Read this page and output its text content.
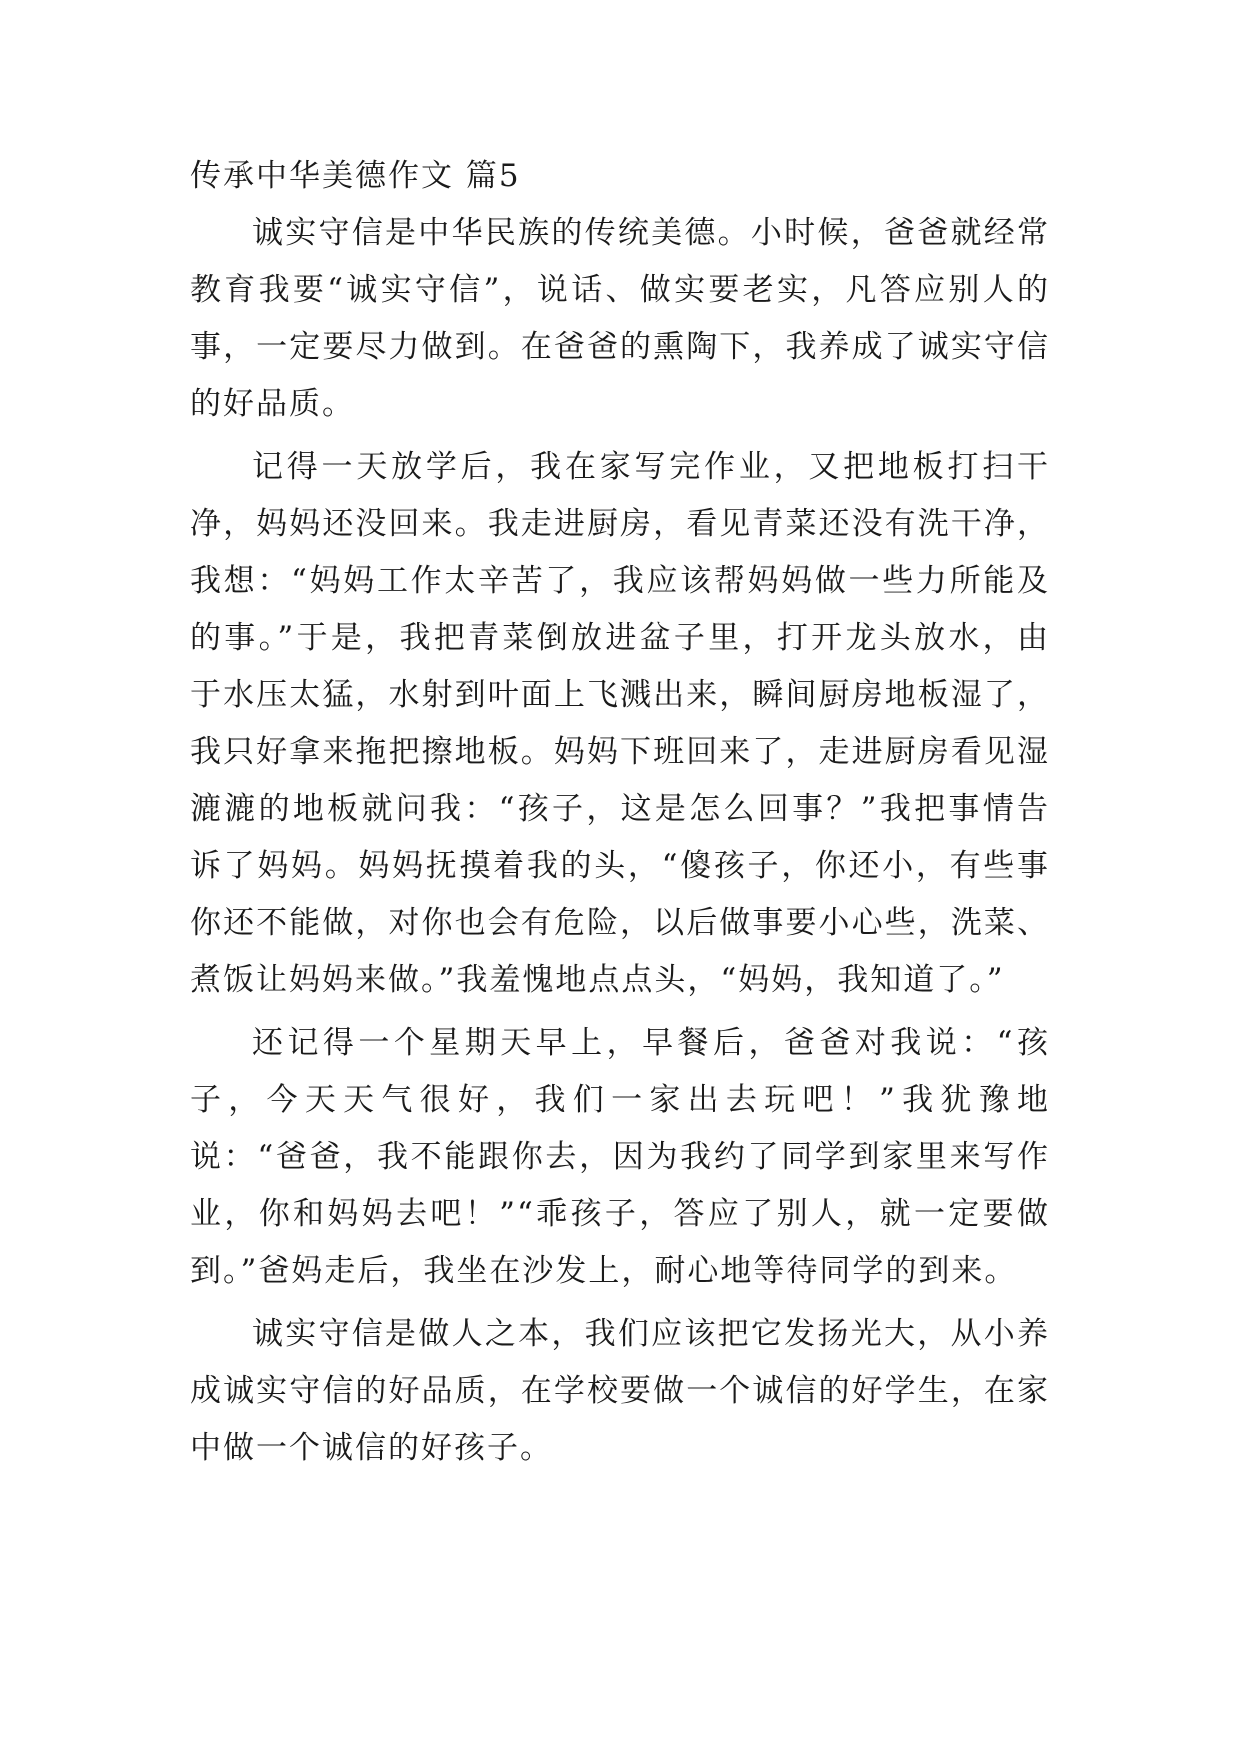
传承中华美德作文 篇5

诚实守信是中华民族的传统美德。小时候，爸爸就经常教育我要“诚实守信”，说话、做实要老实，凡答应别人的事，一定要尽力做到。在爸爸的熏陶下，我养成了诚实守信的好品质。

记得一天放学后，我在家写完作业，又把地板打扫干净，妈妈还没回来。我走进厨房，看见青菜还没有洗干净，我想：“妈妈工作太辛苦了，我应该帮妈妈做一些力所能及的事。”于是，我把青菜倒放进盆子里，打开龙头放水，由于水压太猛，水射到叶面上飞溅出来，瞬间厨房地板湿了，我只好拿来拖把擦地板。妈妈下班回来了，走进厨房看见湿漉漉的地板就问我：“孩子，这是怎么回事？”我把事情告诉了妈妈。妈妈抚摸着我的头，“傻孩子，你还小，有些事你还不能做，对你也会有危险，以后做事要小心些，洗菜、煮饭让妈妈来做。”我羞愧地点点头，“妈妈，我知道了。”

还记得一个星期天早上，早餐后，爸爸对我说：“孩子，今天天气很好，我们一家出去玩吧！”我犹豫地说：“爸爸，我不能跟你去，因为我约了同学到家里来写作业，你和妈妈去吧！”“乖孩子，答应了别人，就一定要做到。”爸妈走后，我坐在沙发上，耐心地等待同学的到来。

诚实守信是做人之本，我们应该把它发扬光大，从小养成诚实守信的好品质，在学校要做一个诚信的好学生，在家中做一个诚信的好孩子。
